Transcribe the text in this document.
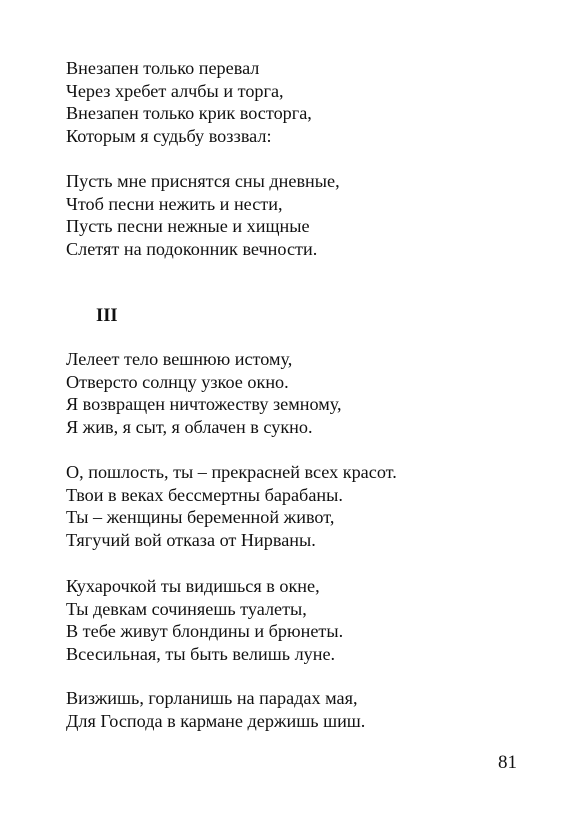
Внезапен только перевал
Через хребет алчбы и торга,
Внезапен только крик восторга,
Которым я судьбу воззвал:
Пусть мне приснятся сны дневные,
Чтоб песни нежить и нести,
Пусть песни нежные и хищные
Слетят на подоконник вечности.
III
Лелеет тело вешнюю истому,
Отверсто солнцу узкое окно.
Я возвращен ничтожеству земному,
Я жив, я сыт, я облачен в сукно.
О, пошлость, ты – прекрасней всех красот.
Твои в веках бессмертны барабаны.
Ты – женщины беременной живот,
Тягучий вой отказа от Нирваны.
Кухарочкой ты видишься в окне,
Ты девкам сочиняешь туалеты,
В тебе живут блондины и брюнеты.
Всесильная, ты быть велишь луне.
Визжишь, горланишь на парадах мая,
Для Господа в кармане держишь шиш.
81
